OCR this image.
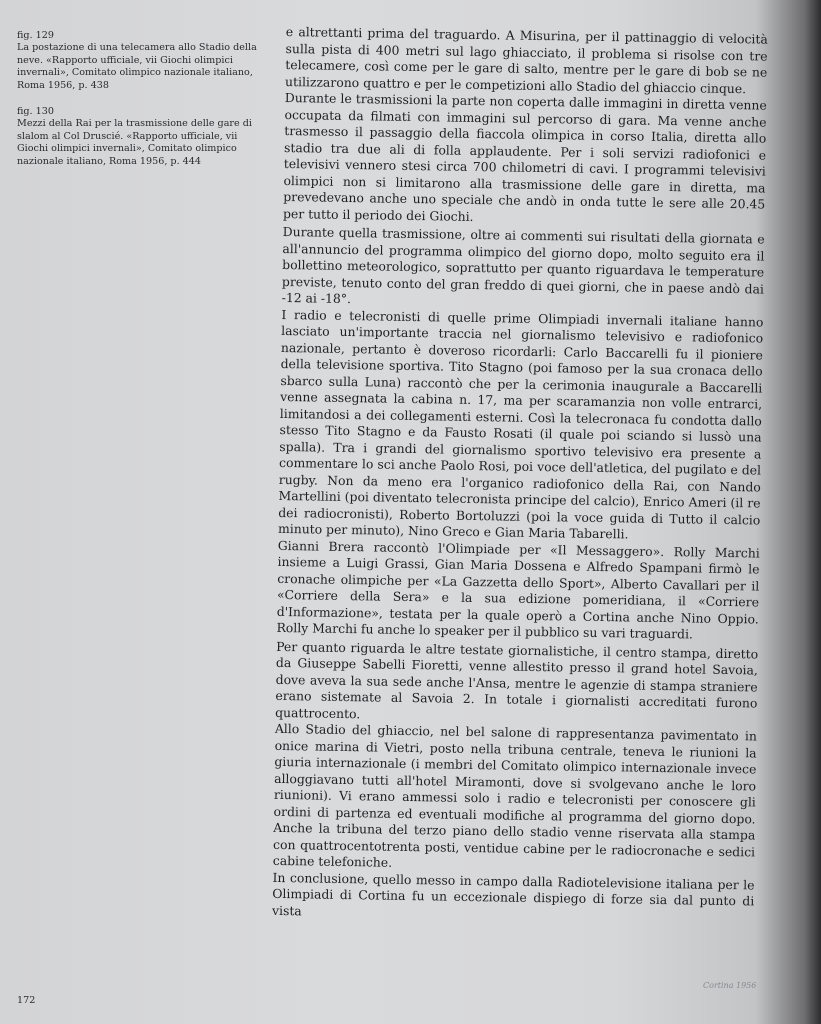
fig. 129
La postazione di una telecamera allo Stadio della neve. «Rapporto ufficiale, vii Giochi olimpici invernali», Comitato olimpico nazionale italiano, Roma 1956, p. 438
fig. 130
Mezzi della Rai per la trasmissione delle gare di slalom al Col Druscié. «Rapporto ufficiale, vii Giochi olimpici invernali», Comitato olimpico nazionale italiano, Roma 1956, p. 444

e altrettanti prima del traguardo. A Misurina, per il pattinaggio di velocità sulla pista di 400 metri sul lago ghiacciato, il problema si risolse con tre telecamere, così come per le gare di salto, mentre per le gare di bob se ne utilizzarono quattro e per le competizioni allo Stadio del ghiaccio cinque.

Durante le trasmissioni la parte non coperta dalle immagini in diretta venne occupata da filmati con immagini sul percorso di gara. Ma venne anche trasmesso il passaggio della fiaccola olimpica in corso Italia, diretta allo stadio tra due ali di folla applaudente. Per i soli servizi radiofonici e televisivi vennero stesi circa 700 chilometri di cavi. I programmi televisivi olimpici non si limitarono alla trasmissione delle gare in diretta, ma prevedevano anche uno speciale che andò in onda tutte le sere alle 20.45 per tutto il periodo dei Giochi.

Durante quella trasmissione, oltre ai commenti sui risultati della giornata e all'annuncio del programma olimpico del giorno dopo, molto seguito era il bollettino meteorologico, soprattutto per quanto riguardava le temperature previste, tenuto conto del gran freddo di quei giorni, che in paese andò dai -12 ai -18°.

I radio e telecronisti di quelle prime Olimpiadi invernali italiane hanno lasciato un'importante traccia nel giornalismo televisivo e radiofonico nazionale, pertanto è doveroso ricordarli: Carlo Baccarelli fu il pioniere della televisione sportiva. Tito Stagno (poi famoso per la sua cronaca dello sbarco sulla Luna) raccontò che per la cerimonia inaugurale a Baccarelli venne assegnata la cabina n. 17, ma per scaramanzia non volle entrarci, limitandosi a dei collegamenti esterni. Così la telecronaca fu condotta dallo stesso Tito Stagno e da Fausto Rosati (il quale poi sciando si lussò una spalla). Tra i grandi del giornalismo sportivo televisivo era presente a commentare lo sci anche Paolo Rosi, poi voce dell'atletica, del pugilato e del rugby. Non da meno era l'organico radiofonico della Rai, con Nando Martellini (poi diventato telecronista principe del calcio), Enrico Ameri (il re dei radiocronisti), Roberto Bortoluzzi (poi la voce guida di Tutto il calcio minuto per minuto), Nino Greco e Gian Maria Tabarelli.

Gianni Brera raccontò l'Olimpiade per «Il Messaggero». Rolly Marchi insieme a Luigi Grassi, Gian Maria Dossena e Alfredo Spampani firmò le cronache olimpiche per «La Gazzetta dello Sport», Alberto Cavallari per il «Corriere della Sera» e la sua edizione pomeridiana, il «Corriere d'Informazione», testata per la quale operò a Cortina anche Nino Oppio. Rolly Marchi fu anche lo speaker per il pubblico su vari traguardi.

Per quanto riguarda le altre testate giornalistiche, il centro stampa, diretto da Giuseppe Sabelli Fioretti, venne allestito presso il grand hotel Savoia, dove aveva la sua sede anche l'Ansa, mentre le agenzie di stampa straniere erano sistemate al Savoia 2. In totale i giornalisti accreditati furono quattrocento.

Allo Stadio del ghiaccio, nel bel salone di rappresentanza pavimentato in onice marina di Vietri, posto nella tribuna centrale, teneva le riunioni la giuria internazionale (i membri del Comitato olimpico internazionale invece alloggiavano tutti all'hotel Miramonti, dove si svolgevano anche le loro riunioni). Vi erano ammessi solo i radio e telecronisti per conoscere gli ordini di partenza ed eventuali modifiche al programma del giorno dopo. Anche la tribuna del terzo piano dello stadio venne riservata alla stampa con quattrocentotrenta posti, ventidue cabine per le radiocronache e sedici cabine telefoniche.

In conclusione, quello messo in campo dalla Radiotelevisione italiana per le Olimpiadi di Cortina fu un eccezionale dispiego di forze sia dal punto di vista

172
Cortina 1956
